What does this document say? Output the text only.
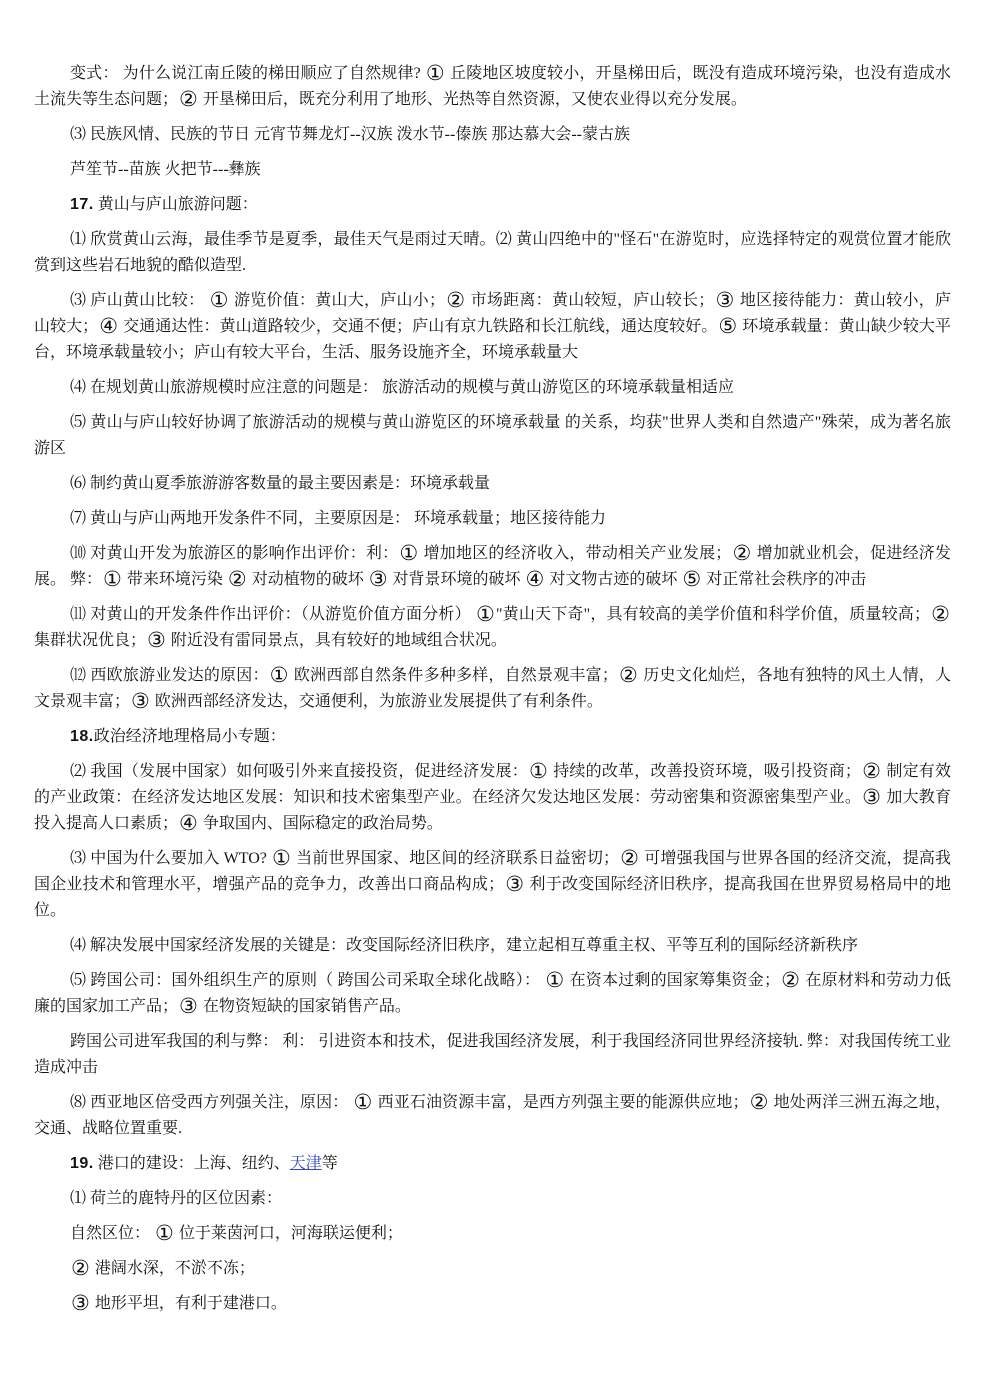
变式： 为什么说江南丘陵的梯田顺应了自然规律? ① 丘陵地区坡度较小，开垦梯田后，既没有造成环境污染，也没有造成水土流失等生态问题；② 开垦梯田后，既充分利用了地形、光热等自然资源，又使农业得以充分发展。

⑶ 民族风情、民族的节日 元宵节舞龙灯--汉族 泼水节--傣族 那达慕大会--蒙古族

芦笙节--苗族 火把节---彝族

17. 黄山与庐山旅游问题：

⑴ 欣赏黄山云海，最佳季节是夏季，最佳天气是雨过天晴。⑵ 黄山四绝中的"怪石"在游览时，应选择特定的观赏位置才能欣赏到这些岩石地貌的酷似造型.

⑶ 庐山黄山比较： ① 游览价值：黄山大，庐山小；② 市场距离：黄山较短，庐山较长；③ 地区接待能力：黄山较小，庐山较大；④ 交通通达性：黄山道路较少，交通不便；庐山有京九铁路和长江航线，通达度较好。⑤ 环境承载量：黄山缺少较大平台，环境承载量较小；庐山有较大平台，生活、服务设施齐全，环境承载量大

⑷ 在规划黄山旅游规模时应注意的问题是： 旅游活动的规模与黄山游览区的环境承载量相适应

⑸ 黄山与庐山较好协调了旅游活动的规模与黄山游览区的环境承载量 的关系，均获"世界人类和自然遗产"殊荣，成为著名旅游区

⑹ 制约黄山夏季旅游游客数量的最主要因素是：环境承载量

⑺ 黄山与庐山两地开发条件不同，主要原因是： 环境承载量；地区接待能力

⑽ 对黄山开发为旅游区的影响作出评价：利：① 增加地区的经济收入，带动相关产业发展；② 增加就业机会，促进经济发展。 弊：① 带来环境污染 ② 对动植物的破坏 ③ 对背景环境的破坏 ④ 对文物古迹的破坏 ⑤ 对正常社会秩序的冲击

⑾ 对黄山的开发条件作出评价：（从游览价值方面分析） ①"黄山天下奇"，具有较高的美学价值和科学价值，质量较高；② 集群状况优良；③ 附近没有雷同景点，具有较好的地域组合状况。

⑿ 西欧旅游业发达的原因：① 欧洲西部自然条件多种多样，自然景观丰富；② 历史文化灿烂，各地有独特的风土人情，人文景观丰富；③ 欧洲西部经济发达，交通便利，为旅游业发展提供了有利条件。

18.政治经济地理格局小专题：

⑵ 我国（发展中国家）如何吸引外来直接投资，促进经济发展：① 持续的改革，改善投资环境，吸引投资商；② 制定有效的产业政策：在经济发达地区发展：知识和技术密集型产业。在经济欠发达地区发展：劳动密集和资源密集型产业。③ 加大教育投入提高人口素质；④ 争取国内、国际稳定的政治局势。

⑶ 中国为什么要加入 WTO? ① 当前世界国家、地区间的经济联系日益密切；② 可增强我国与世界各国的经济交流，提高我国企业技术和管理水平，增强产品的竞争力，改善出口商品构成；③ 利于改变国际经济旧秩序，提高我国在世界贸易格局中的地位。

⑷ 解决发展中国家经济发展的关键是：改变国际经济旧秩序，建立起相互尊重主权、平等互利的国际经济新秩序

⑸ 跨国公司：国外组织生产的原则（ 跨国公司采取全球化战略）： ① 在资本过剩的国家筹集资金；② 在原材料和劳动力低廉的国家加工产品；③ 在物资短缺的国家销售产品。

跨国公司进军我国的利与弊： 利： 引进资本和技术，促进我国经济发展，利于我国经济同世界经济接轨. 弊：对我国传统工业造成冲击

⑻ 西亚地区倍受西方列强关注，原因： ① 西亚石油资源丰富，是西方列强主要的能源供应地；② 地处两洋三洲五海之地，交通、战略位置重要.

19. 港口的建设：上海、纽约、天津等

⑴ 荷兰的鹿特丹的区位因素：

自然区位： ① 位于莱茵河口，河海联运便利；

② 港阔水深，不淤不冻；

③ 地形平坦，有利于建港口。
